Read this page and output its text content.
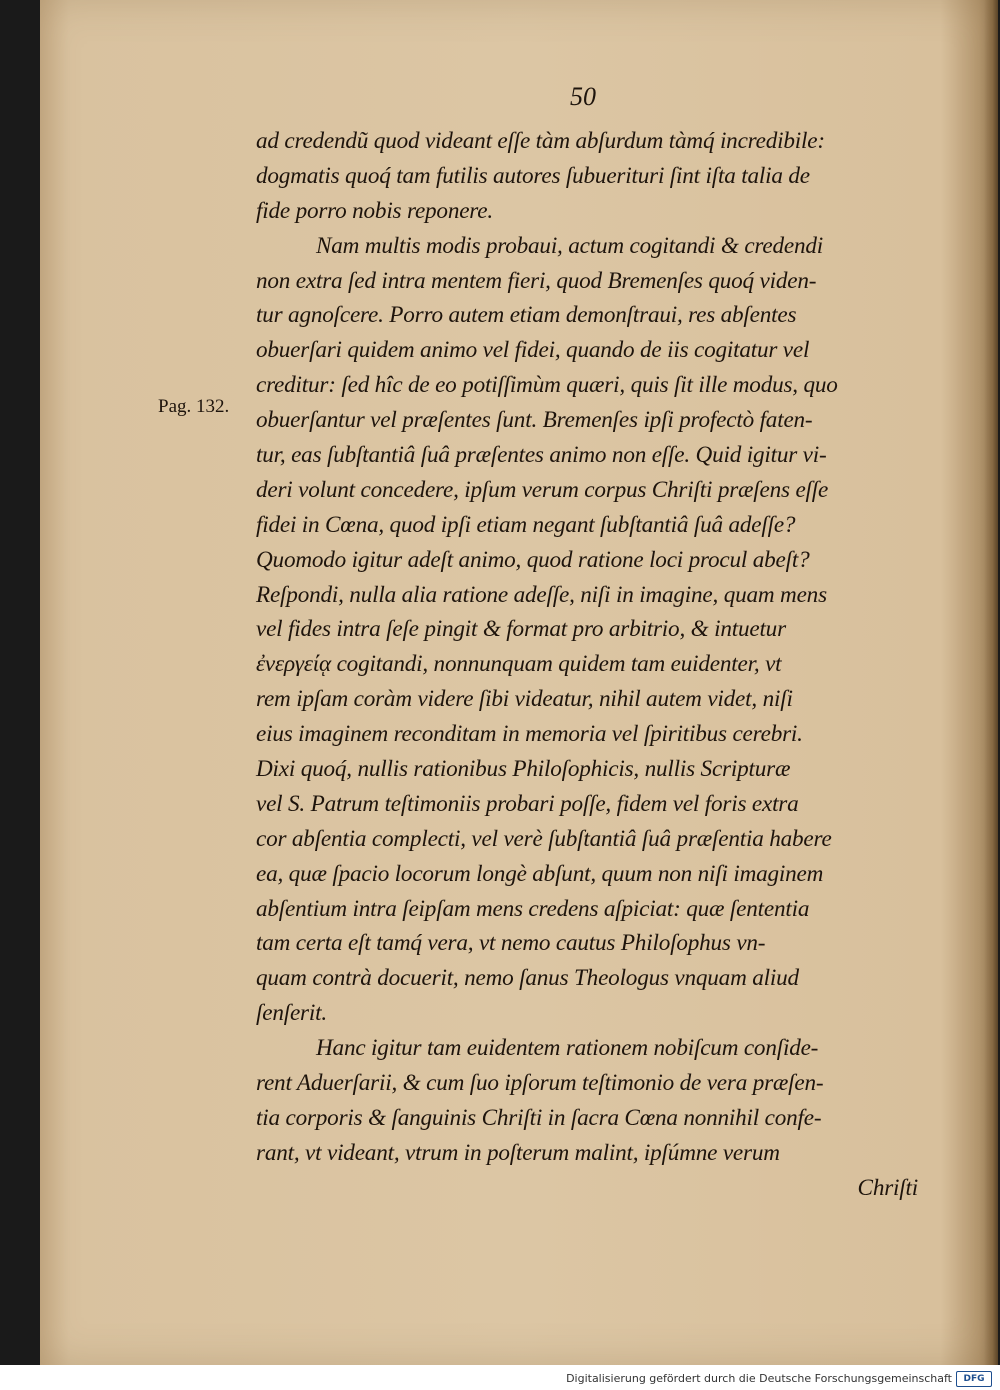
50
Pag. 132.
ad credendũ quod videant eſſe tàm abſurdum tàmq́ incredibile:
dogmatis quoq́ tam futilis autores ſubuerituri ſint iſta talia de
fide porro nobis reponere.
Nam multis modis probaui, actum cogitandi & credendi
non extra ſed intra mentem fieri, quod Bremenſes quoq́ viden-
tur agnoſcere. Porro autem etiam demonſtraui, res abſentes
obuerſari quidem animo vel fidei, quando de iis cogitatur vel
creditur: ſed hîc de eo potiſſimùm quæri, quis ſit ille modus, quo
obuerſantur vel præſentes ſunt. Bremenſes ipſi profectò faten-
tur, eas ſubſtantiâ ſuâ præſentes animo non eſſe. Quid igitur vi-
deri volunt concedere, ipſum verum corpus Chriſti præſens eſſe
fidei in Cœna, quod ipſi etiam negant ſubſtantiâ ſuâ adeſſe?
Quomodo igitur adeſt animo, quod ratione loci procul abeſt?
Reſpondi, nulla alia ratione adeſſe, niſi in imagine, quam mens
vel fides intra ſeſe pingit & format pro arbitrio, & intuetur
ἐνεργείᾳ cogitandi, nonnunquam quidem tam euidenter, vt
rem ipſam coràm videre ſibi videatur, nihil autem videt, niſi
eius imaginem reconditam in memoria vel ſpiritibus cerebri.
Dixi quoq́, nullis rationibus Philoſophicis, nullis Scripturæ
vel S. Patrum teſtimoniis probari poſſe, fidem vel foris extra
cor abſentia complecti, vel verè ſubſtantiâ ſuâ præſentia habere
ea, quæ ſpacio locorum longè abſunt, quum non niſi imaginem
abſentium intra ſeipſam mens credens aſpiciat: quæ ſententia
tam certa eſt tamq́ vera, vt nemo cautus Philoſophus vn-
quam contrà docuerit, nemo ſanus Theologus vnquam aliud
ſenſerit.
Hanc igitur tam euidentem rationem nobiſcum conſide-
rent Aduerſarii, & cum ſuo ipſorum teſtimonio de vera præſen-
tia corporis & ſanguinis Chriſti in ſacra Cœna nonnihil confe-
rant, vt videant, vtrum in poſterum malint, ipſúmne verum
Chriſti
Digitalisierung gefördert durch die Deutsche Forschungsgemeinschaft	DFG
